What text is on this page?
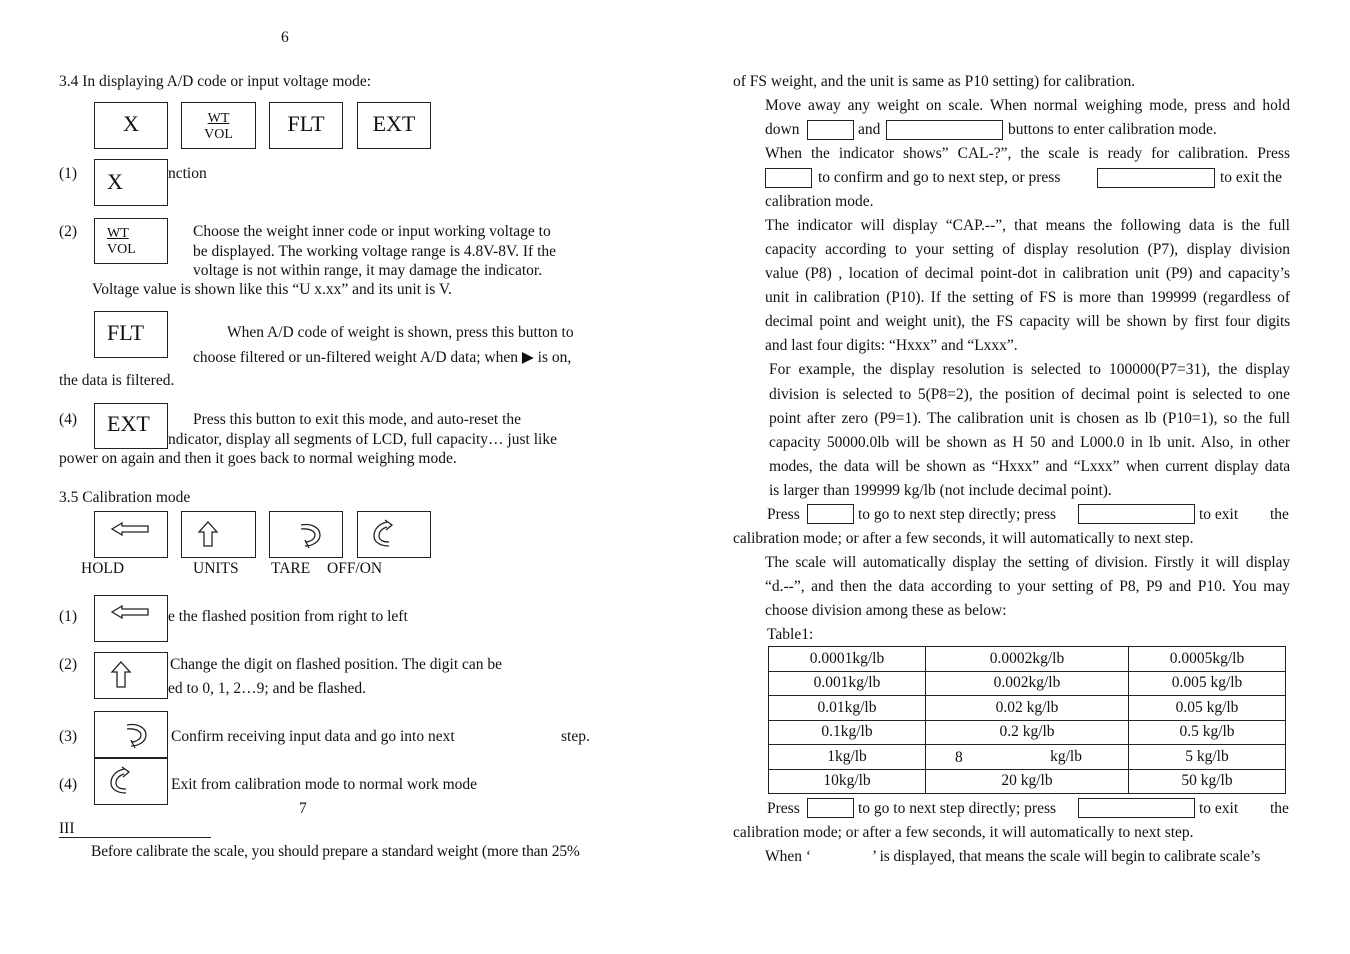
6
3.4 In displaying A/D code or input voltage mode:
X	WT
VOL	FLT	EXT
(1)	nction
X
(2) WT
VOL
Choose the weight inner code or input working voltage to
be displayed. The working voltage range is 4.8V-8V. If the
voltage is not within range, it may damage the indicator.
Voltage value is shown like this “U x.xx” and its unit is V.
FLT	When A/D code of weight is shown, press this button to
choose filtered or un-filtered weight A/D data; when ▶ is on,
the data is filtered.
(4)	Press this button to exit this mode, and auto-reset the
ndicator, display all segments of LCD, full capacity… just like
power on again and then it goes back to normal weighing mode.
EXT
3.5 Calibration mode
HOLD	UNITS TARE OFF/ON
(1)	e the flashed position from right to left
(2)	Change the digit on flashed position. The digit can be
ed to 0, 1, 2…9; and be flashed.
(3)	Confirm receiving input data and go into next	step.
(4)	Exit from calibration mode to normal work mode
7
III
Before calibrate the scale, you should prepare a standard weight (more than 25%
of FS weight, and the unit is same as P10 setting) for calibration.
Move away any weight on scale. When normal weighing mode, press and hold
down	and	buttons to enter calibration mode.
When the indicator shows” CAL-?”, the scale is ready for calibration. Press
to confirm and go to next step, or press	to exit the
calibration mode.
The indicator will display “CAP.--”, that means the following data is the full
capacity according to your setting of display resolution (P7), display division
value (P8) , location of decimal point-dot in calibration unit (P9) and capacity’s
unit in calibration (P10). If the setting of FS is more than 199999 (regardless of
decimal point and weight unit), the FS capacity will be shown by first four digits
and last four digits: “Hxxx” and “Lxxx”.
For example, the display resolution is selected to 100000(P7=31), the display
division is selected to 5(P8=2), the position of decimal point is selected to one
point after zero (P9=1). The calibration unit is chosen as lb (P10=1), so the full
capacity 50000.0lb will be shown as H 50 and L000.0 in lb unit. Also, in other
modes, the data will be shown as “Hxxx” and “Lxxx” when current display data
is larger than 199999 kg/lb (not include decimal point).
Press	to go to next step directly; press	to exit the
calibration mode; or after a few seconds, it will automatically to next step.
The scale will automatically display the setting of division. Firstly it will display
“d.--”, and then the data according to your setting of P8, P9 and P10. You may
choose division among these as below:
Table1:
0.0001kg/lb	0.0002kg/lb	0.0005kg/lb
0.001kg/lb	0.002kg/lb	0.005 kg/lb
0.01kg/lb	0.02 kg/lb	0.05 kg/lb
0.1kg/lb	0.2 kg/lb	0.5 kg/lb
1kg/lb	kg/lb	5 kg/lb
10kg/lb	20 kg/lb	50 kg/lb
8
Press	to go to next step directly; press	to exit the
calibration mode; or after a few seconds, it will automatically to next step.
When ‘	’ is displayed, that means the scale will begin to calibrate scale’s
